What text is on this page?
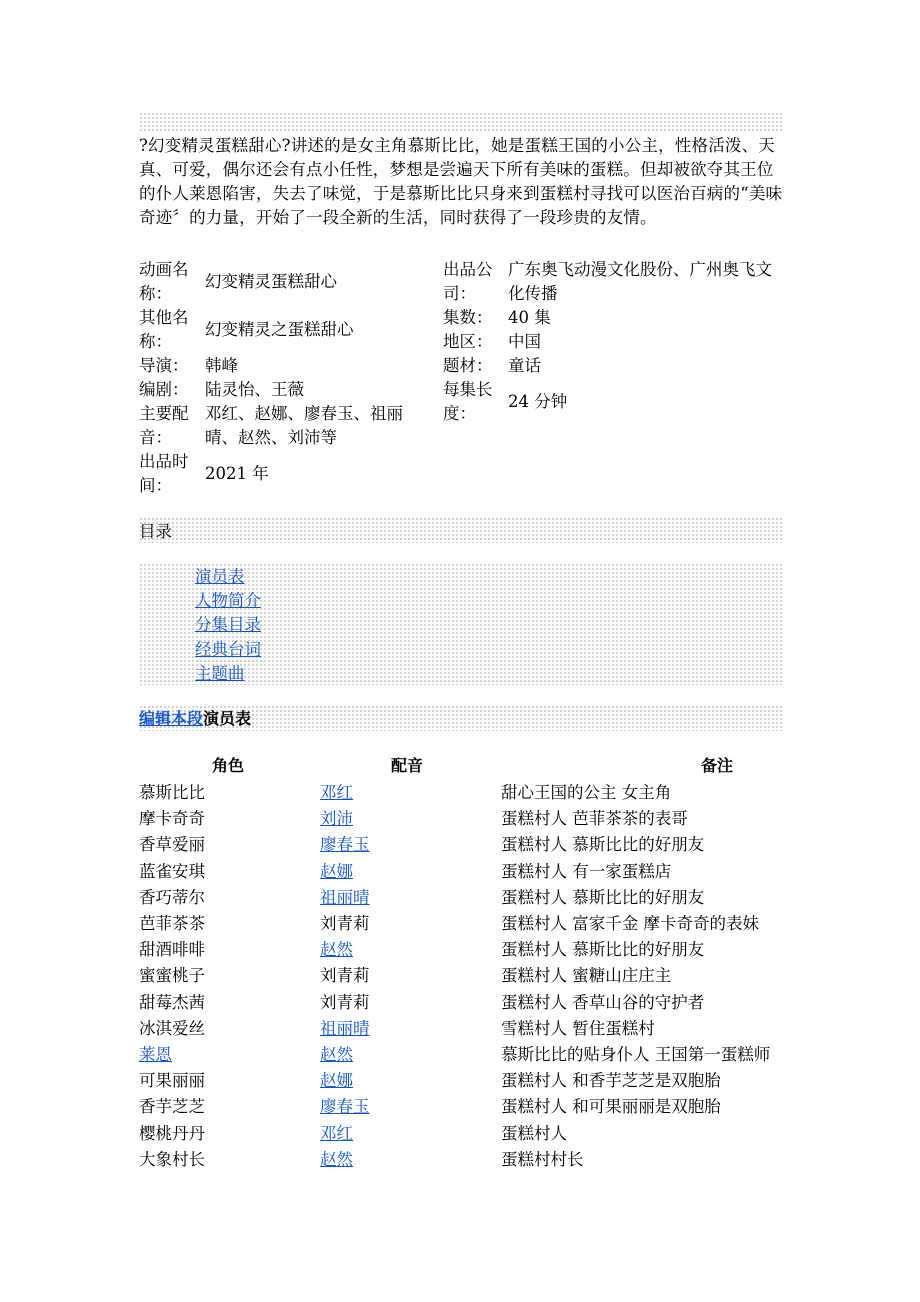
?幻变精灵蛋糕甜心?讲述的是女主角慕斯比比，她是蛋糕王国的小公主，性格活泼、天真、可爱，偶尔还会有点小任性，梦想是尝遍天下所有美味的蛋糕。但却被欲夺其王位的仆人莱恩陷害，失去了味觉，于是慕斯比比只身来到蛋糕村寻找可以医治百病的“美味奇迹〞的力量，开始了一段全新的生活，同时获得了一段珍贵的友情。
动画名称：
幻变精灵蛋糕甜心
其他名称：
幻变精灵之蛋糕甜心
导演： 韩峰
编剧： 陆灵怡、王薇
主要配音：
邓红、赵娜、廖春玉、祖丽晴、赵然、刘沛等
出品时间：
2021 年
出品公司：
广东奥飞动漫文化股份、广州奥飞文化传播
集数： 40 集
地区： 中国
题材： 童话
每集长度：
24 分钟
目录
演员表
人物简介
分集目录
经典台词
主题曲
编辑本段演员表
角色	配音	备注
慕斯比比	邓红	甜心王国的公主 女主角
摩卡奇奇	刘沛	蛋糕村人 芭菲茶茶的表哥
香草爱丽	廖春玉	蛋糕村人 慕斯比比的好朋友
蓝雀安琪	赵娜	蛋糕村人 有一家蛋糕店
香巧蒂尔	祖丽晴	蛋糕村人 慕斯比比的好朋友
芭菲茶茶	刘青莉	蛋糕村人 富家千金 摩卡奇奇的表妹
甜酒啡啡	赵然	蛋糕村人 慕斯比比的好朋友
蜜蜜桃子	刘青莉	蛋糕村人 蜜糖山庄庄主
甜莓杰茜	刘青莉	蛋糕村人 香草山谷的守护者
冰淇爱丝	祖丽晴	雪糕村人 暂住蛋糕村
莱恩	赵然	慕斯比比的贴身仆人 王国第一蛋糕师
可果丽丽	赵娜	蛋糕村人 和香芋芝芝是双胞胎
香芋芝芝	廖春玉	蛋糕村人 和可果丽丽是双胞胎
樱桃丹丹	邓红	蛋糕村人
大象村长	赵然	蛋糕村村长
